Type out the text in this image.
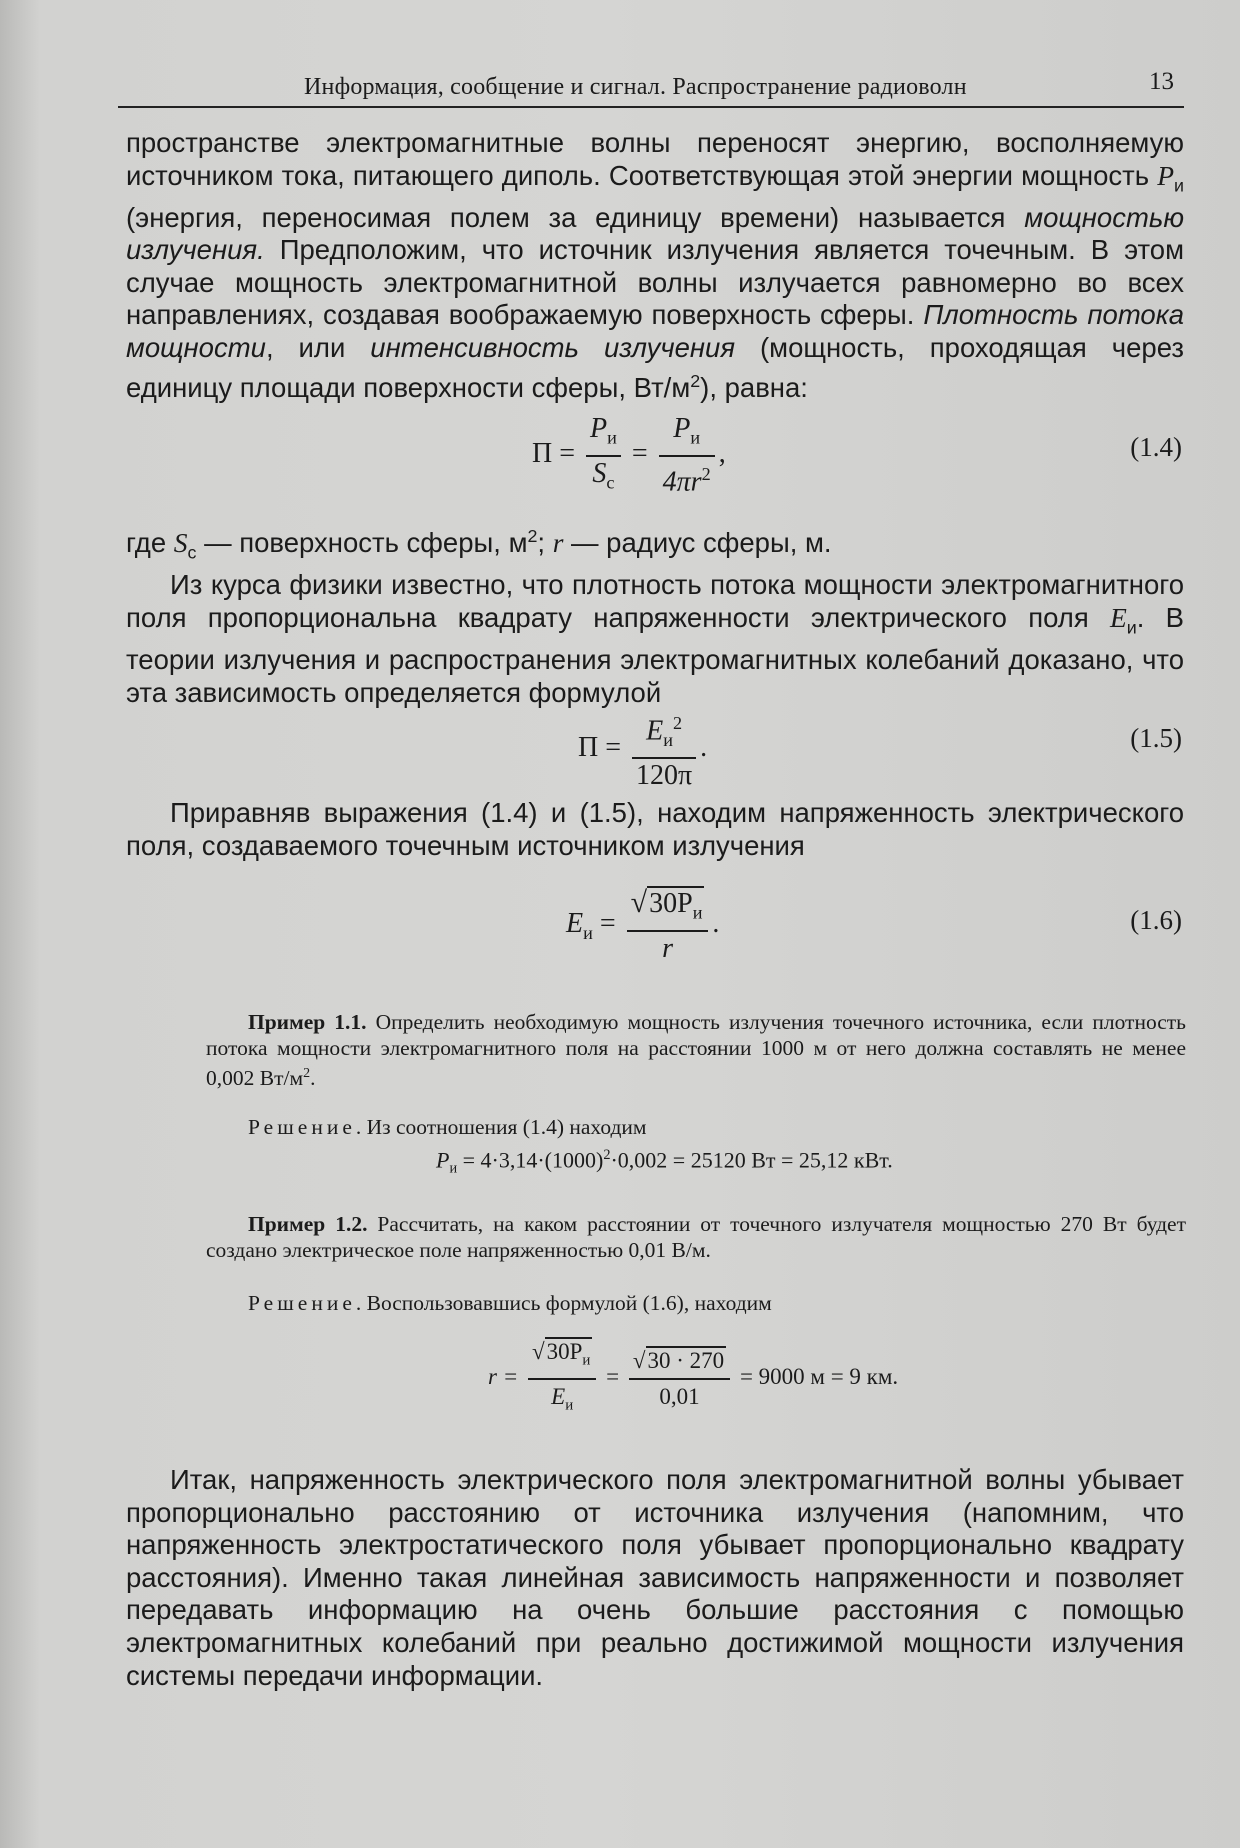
Информация, сообщение и сигнал. Распространение радиоволн	13

пространстве электромагнитные волны переносят энергию, восполняемую источником тока, питающего диполь. Соответствующая этой энергии мощность $P_и$ (энергия, переносимая полем за единицу времени) называется мощностью излучения. Предположим, что источник излучения является точечным. В этом случае мощность электромагнитной волны излучается равномерно во всех направлениях, создавая воображаемую поверхность сферы. Плотность потока мощности, или интенсивность излучения (мощность, проходящая через единицу площади поверхности сферы, $Вт/м^2$), равна:

$П = \frac{P_и}{S_с} = \frac{P_и}{4\pi r^2}$ ,	(1.4)

где $S_с$ — поверхность сферы, $м^2$; r — радиус сферы, м.

Из курса физики известно, что плотность потока мощности электромагнитного поля пропорциональна квадрату напряженности электрического поля $E_и$. В теории излучения и распространения электромагнитных колебаний доказано, что эта зависимость определяется формулой

$П = \frac{E_и^2}{120\pi}$ .	(1.5)

Приравняв выражения (1.4) и (1.5), находим напряженность электрического поля, создаваемого точечным источником излучения

$E_и = \frac{√30P_и}{r}$ .	(1.6)
Пример 1.1. Определить необходимую мощность излучения точечного источника, если плотность потока мощности электромагнитного поля на расстоянии 1000 м от него должна составлять не менее 0,002 $Вт/м^2$.
Решение. Из соотношения (1.4) находим
$P_и = 4\cdot 3,14\cdot(1000)^2\cdot 0,002 = 25120$ Вт = 25,12 кВт.
Пример 1.2. Рассчитать, на каком расстоянии от точечного излучателя мощностью 270 Вт будет создано электрическое поле напряженностью 0,01 В/м.
Решение. Воспользовавшись формулой (1.6), находим
$r = \frac{√30P_и}{E_и} = \frac{√30 \cdot 270}{0,01} = 9000$ м = 9 км.

Итак, напряженность электрического поля электромагнитной волны убывает пропорционально расстоянию от источника излучения (напомним, что напряженность электростатического поля убывает пропорционально квадрату расстояния). Именно такая линейная зависимость напряженности и позволяет передавать информацию на очень большие расстояния с помощью электромагнитных колебаний при реально достижимой мощности излучения системы передачи информации.
